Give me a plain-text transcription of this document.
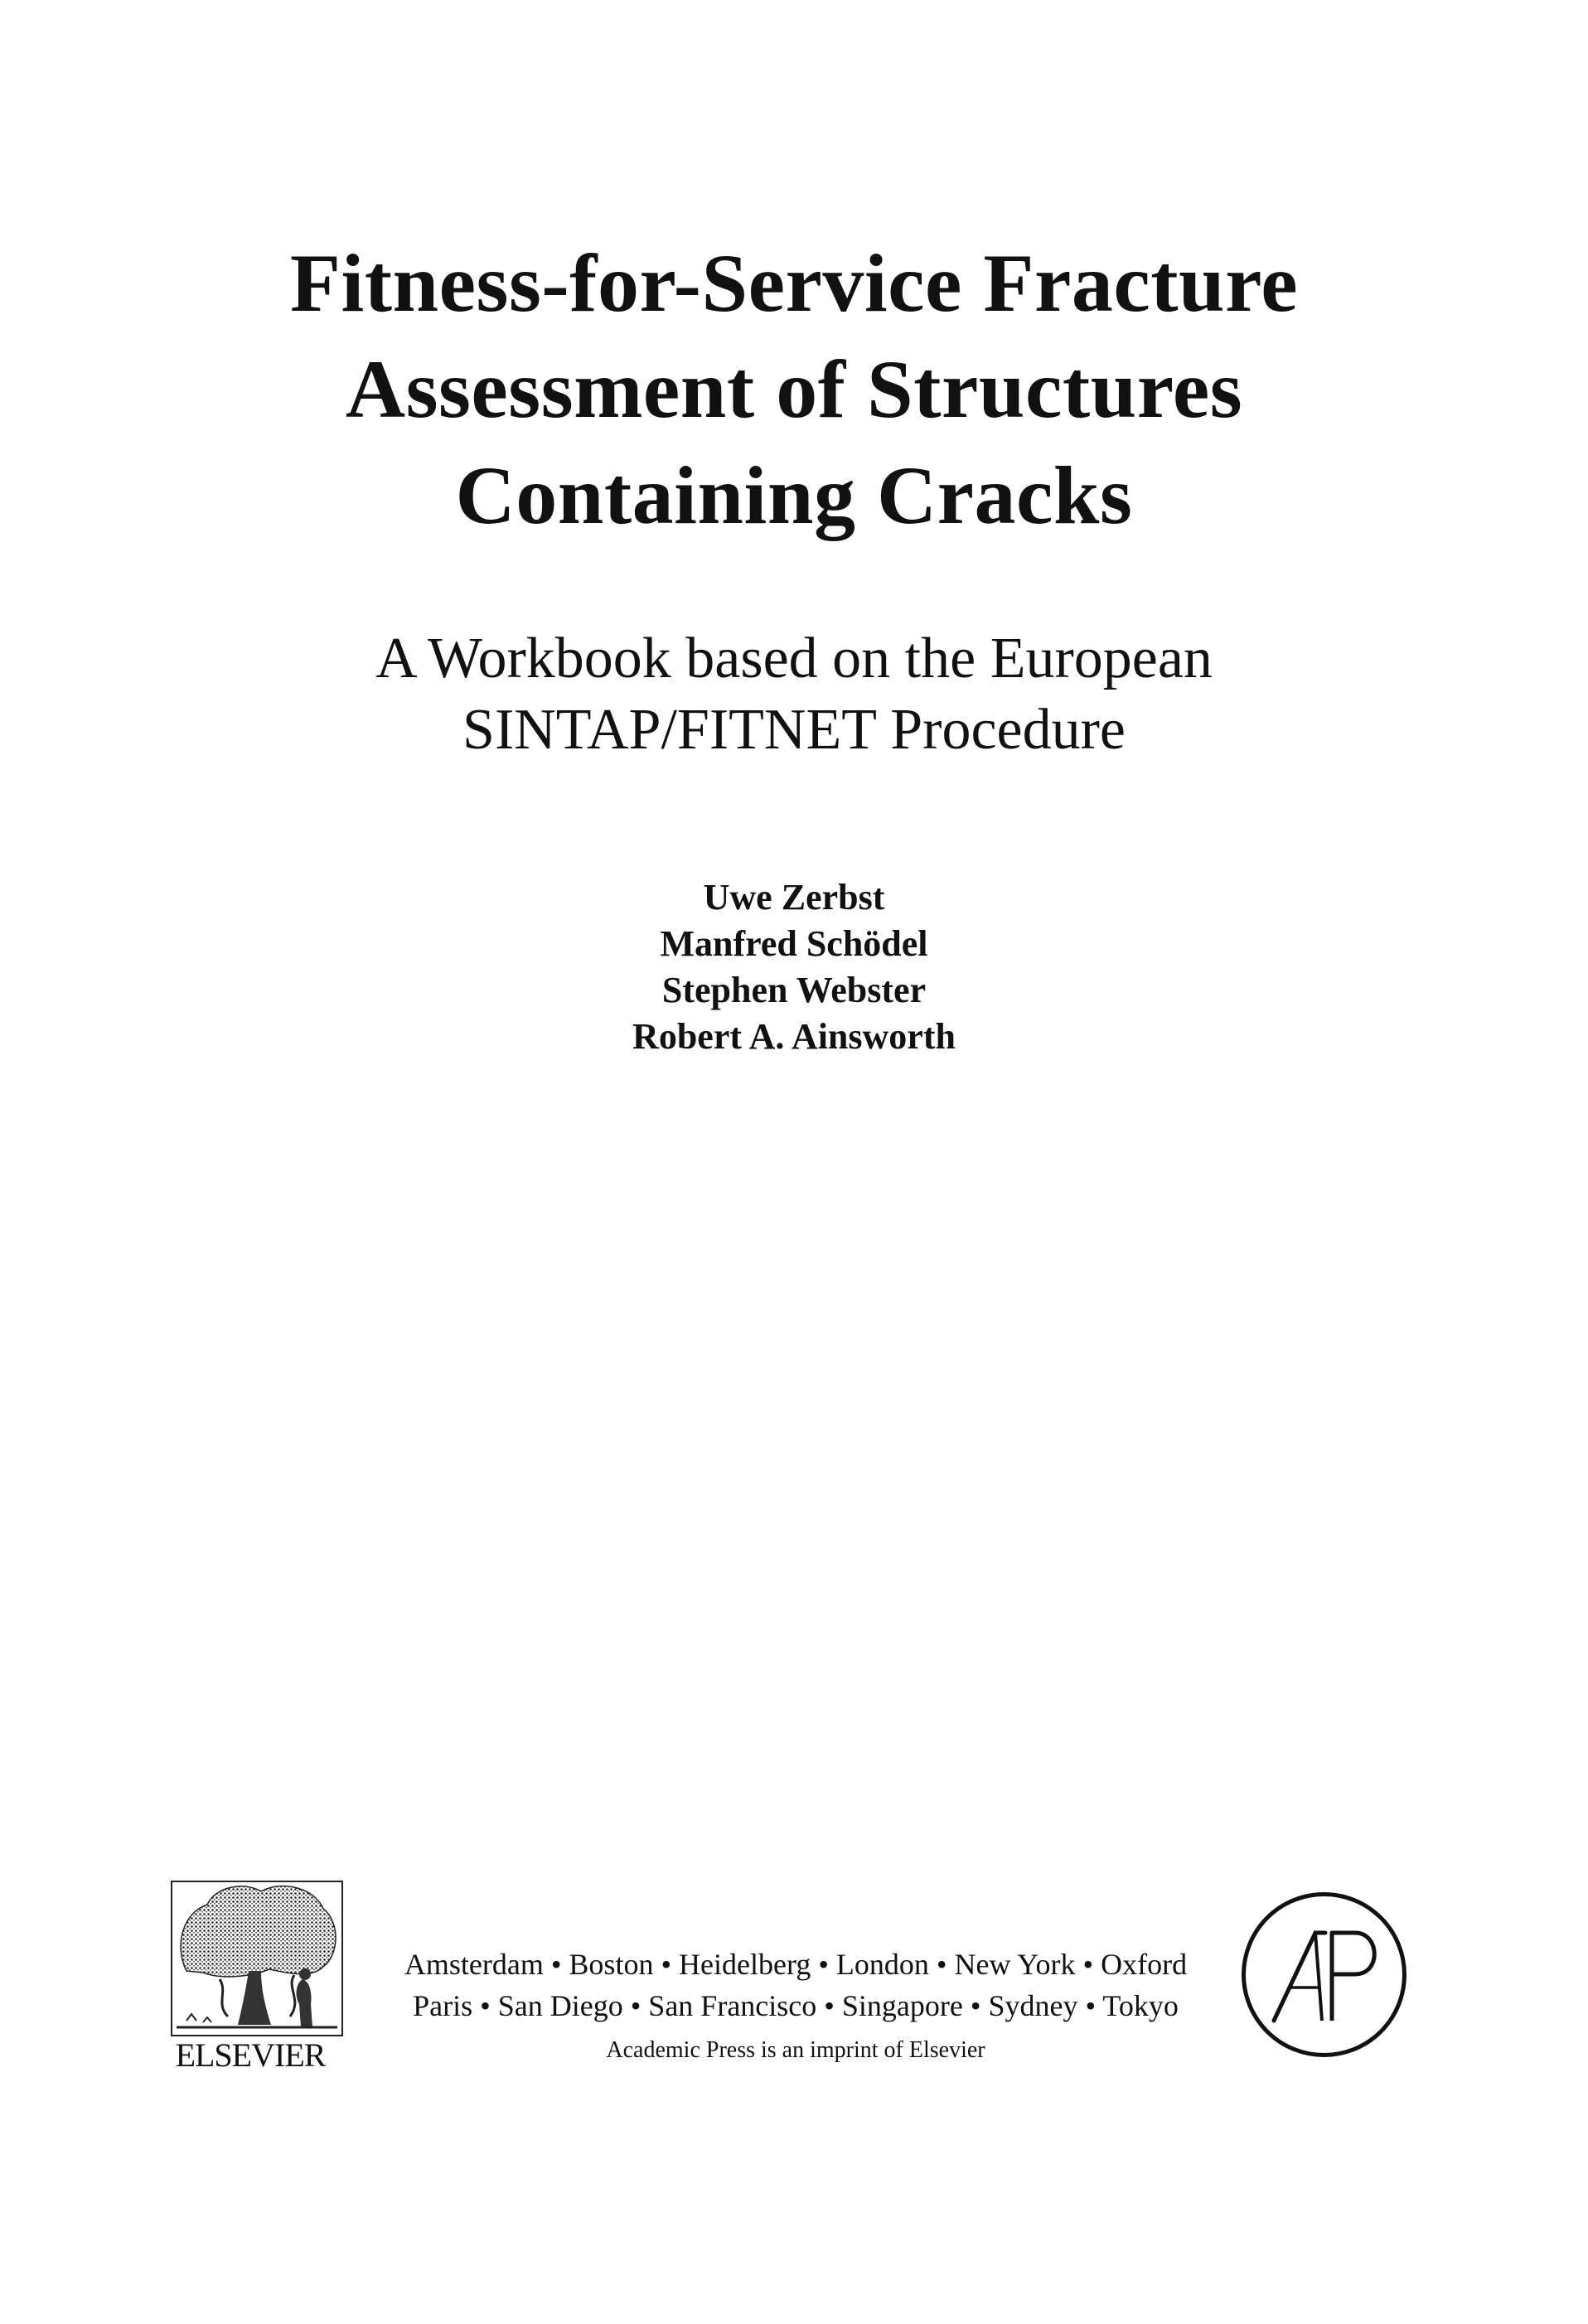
Fitness-for-Service Fracture
Assessment of Structures
Containing Cracks
A Workbook based on the European
SINTAP/FITNET Procedure
Uwe Zerbst
Manfred Schödel
Stephen Webster
Robert A. Ainsworth
ELSEVIER
Amsterdam • Boston • Heidelberg • London • New York • Oxford
Paris • San Diego • San Francisco • Singapore • Sydney • Tokyo
Academic Press is an imprint of Elsevier
